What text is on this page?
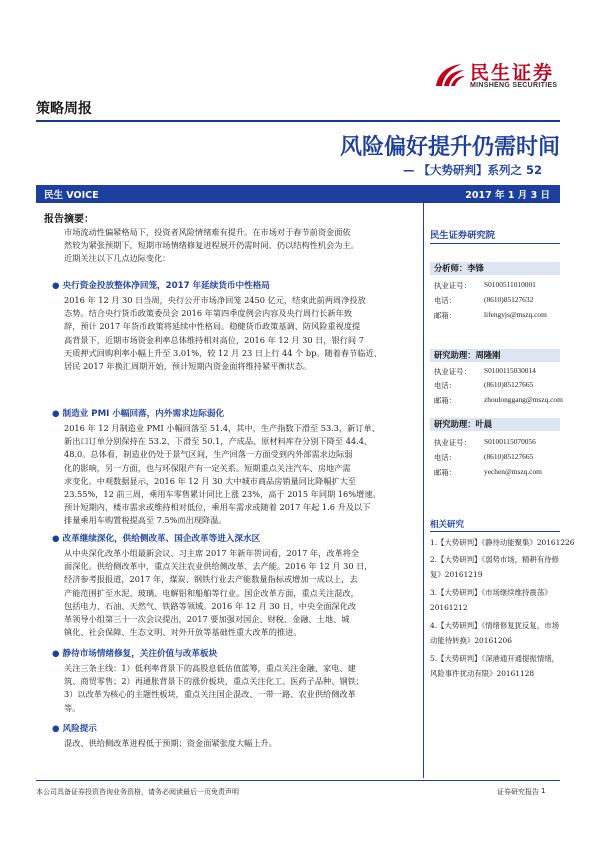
民生证券
MINSHENG SECURITIES
策略周报
风险偏好提升仍需时间
— 【大势研判】系列之 52
民生 VOICE	2017 年 1 月 3 日
报告摘要：
市场流动性偏紧格局下，投资者风险情绪难有提升。在市场对于春节前资金面依
然较为紧张预期下，短期市场情绪修复进程展开仍需时间，仍以结构性机会为主。
近期关注以下几点边际变化：
● 央行资金投放整体净回笼，2017 年延续货币中性格局
2016 年 12 月 30 日当周，央行公开市场净回笼 2450 亿元，结束此前两周净投放
态势。结合央行货币政策委员会 2016 年第四季度例会内容及央行周行长新年致
辞，预计 2017 年货币政策将延续中性格局。稳健货币政策基调、防风险重视度提
高背景下，近期市场资金利率总体维持相对高位，2016 年 12 月 30 日，银行间 7
天质押式回购利率小幅上升至 3.01%，较 12 月 23 日上行 44 个 bp。随着春节临近、
居民 2017 年换汇周期开始，预计短期内资金面将维持紧平衡状态。
● 制造业 PMI 小幅回落，内外需求边际弱化
2016 年 12 月制造业 PMI 小幅回落至 51.4，其中，生产指数下滑至 53.3，新订单、
新出口订单分别保持在 53.2、下滑至 50.1，产成品、原材料库存分别下降至 44.4、
48.0。总体看，制造业仍处于景气区间，生产回落一方面受到内外部需求边际弱
化的影响，另一方面，也与环保限产有一定关系。短期重点关注汽车、房地产需
求变化。中观数据显示，2016 年 12 月 30 大中城市商品房销量同比降幅扩大至
23.55%，12 前三周，乘用车零售累计同比上涨 23%，高于 2015 年同期 16%增速。
预计短期内，楼市需求或维持相对低位，乘用车需求或随着 2017 年起 1.6 升及以下
排量乘用车购置税提高至 7.5%而出现降温。
● 改革继续深化，供给侧改革、国企改革等进入深水区
从中央深化改革小组最新会议、习主席 2017 年新年贺词看，2017 年，改革将全
面深化。供给侧改革中，重点关注农业供给侧改革、去产能。2016 年 12 月 30 日，
经济参考报报道，2017 年，煤炭、钢铁行业去产能数量指标或增加一成以上，去
产能范围扩至水泥、玻璃、电解铝和船舶等行业。国企改革方面，重点关注混改，
包括电力、石油、天然气、铁路等领域。2016 年 12 月 30 日，中央全面深化改
革领导小组第三十一次会议提出，2017 要加强对国企、财税、金融、土地、城
镇化、社会保障、生态文明、对外开放等基础性重大改革的推进。
● 静待市场情绪修复，关注价值与改革板块
关注三条主线：1）低利率背景下的高股息低估值蓝筹，重点关注金融、家电、建
筑、商贸零售；2）再通胀背景下的涨价板块，重点关注化工、医药子品种、钢铁；
3）以改革为核心的主题性板块，重点关注国企混改、一带一路、农业供给侧改革
等。
● 风险提示
混改、供给侧改革进程低于预期；资金面紧张度大幅上升。
民生证券研究院
分析师：李锋
执业证号： S0100511010001
电话：	(8610)85127632
邮箱：	lifengyjs@mszq.com
研究助理：周隆刚
执业证号： S0100115030014
电话：	(8610)85127665
邮箱：	zhoulonggang@mszq.com
研究助理：叶晨
执业证号： S0100115070056
电话：	(8610)85127665
邮箱：	yechen@mszq.com
相关研究
1.【大势研判】《静待动能聚集》20161226
2.【大势研判】《弱势市场，精耕有待修
复》20161219
3.【大势研判】《市场继续维持震荡》
20161212
4.【大势研判】《情绪修复犹反复，市场
动能待转换》20161206
5.【大势研判】《深港通开通提振情绪，
风险事件扰动有限》20161128
本公司具备证券投资咨询业务资格，请务必阅读最后一页免责声明	证券研究报告 1
